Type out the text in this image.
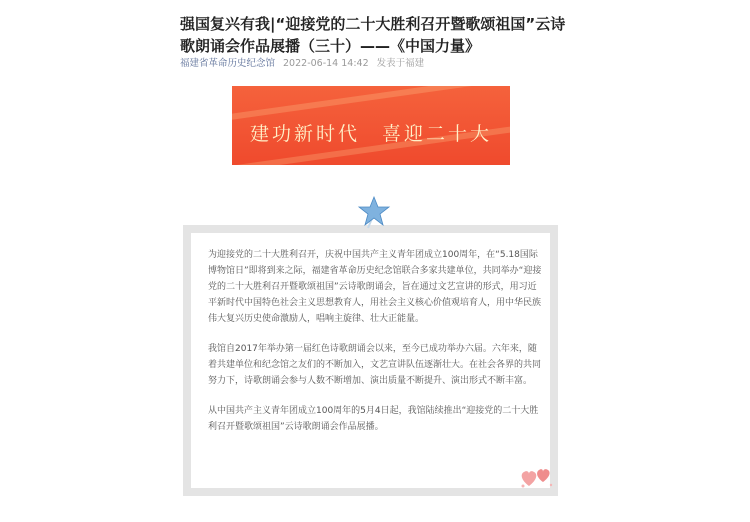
强国复兴有我|“迎接党的二十大胜利召开暨歌颂祖国”云诗歌朗诵会作品展播（三十）——《中国力量》
福建省革命历史纪念馆 2022-06-14 14:42 发表于福建
建功新时代 喜迎二十大

为迎接党的二十大胜利召开，庆祝中国共产主义青年团成立100周年，在“5.18国际博物馆日”即将到来之际，福建省革命历史纪念馆联合多家共建单位，共同举办“迎接党的二十大胜利召开暨歌颂祖国”云诗歌朗诵会，旨在通过文艺宣讲的形式，用习近平新时代中国特色社会主义思想教育人，用社会主义核心价值观培育人，用中华民族伟大复兴历史使命激励人，唱响主旋律、壮大正能量。

我馆自2017年举办第一届红色诗歌朗诵会以来，至今已成功举办六届。六年来，随着共建单位和纪念馆之友们的不断加入，文艺宣讲队伍逐渐壮大。在社会各界的共同努力下，诗歌朗诵会参与人数不断增加、演出质量不断提升、演出形式不断丰富。

从中国共产主义青年团成立100周年的5月4日起，我馆陆续推出“迎接党的二十大胜利召开暨歌颂祖国”云诗歌朗诵会作品展播。
